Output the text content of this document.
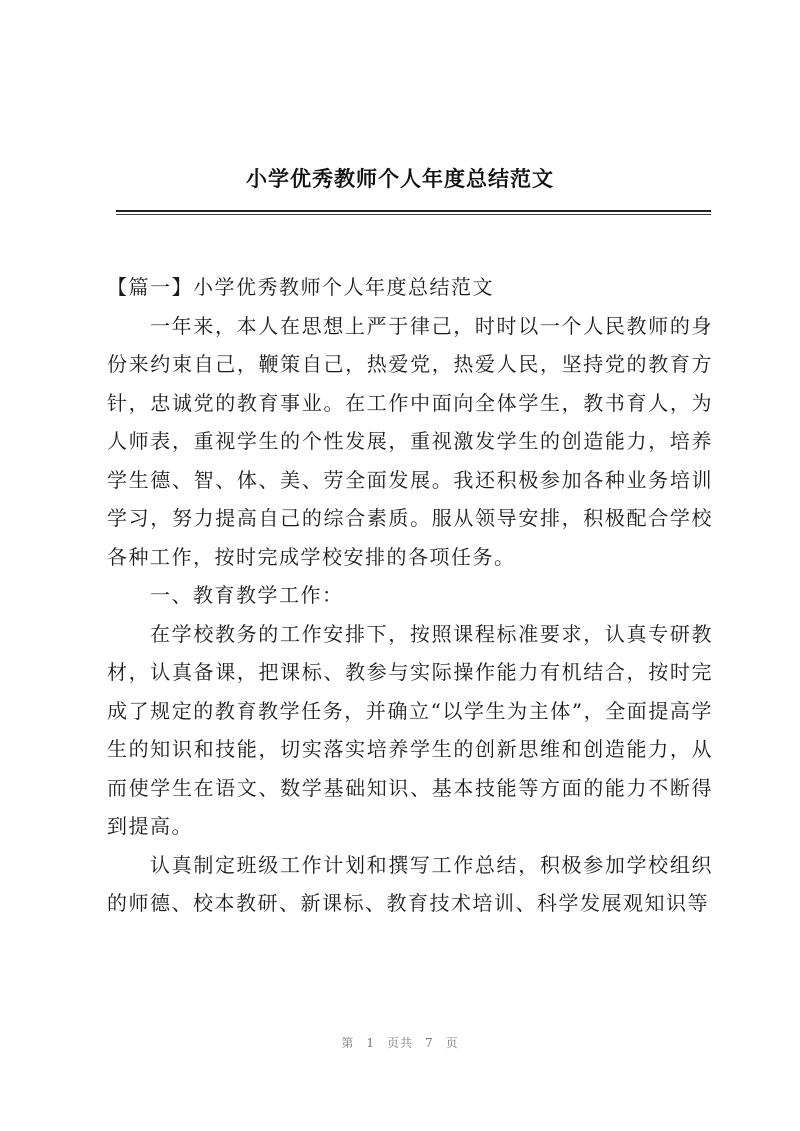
小学优秀教师个人年度总结范文

【篇一】小学优秀教师个人年度总结范文

一年来，本人在思想上严于律己，时时以一个人民教师的身份来约束自己，鞭策自己，热爱党，热爱人民，坚持党的教育方针，忠诚党的教育事业。在工作中面向全体学生，教书育人，为人师表，重视学生的个性发展，重视激发学生的创造能力，培养学生德、智、体、美、劳全面发展。我还积极参加各种业务培训学习，努力提高自己的综合素质。服从领导安排，积极配合学校各种工作，按时完成学校安排的各项任务。

一、教育教学工作：

在学校教务的工作安排下，按照课程标准要求，认真专研教材，认真备课，把课标、教参与实际操作能力有机结合，按时完成了规定的教育教学任务，并确立“以学生为主体”，全面提高学生的知识和技能，切实落实培养学生的创新思维和创造能力，从而使学生在语文、数学基础知识、基本技能等方面的能力不断得到提高。

认真制定班级工作计划和撰写工作总结，积极参加学校组织的师德、校本教研、新课标、教育技术培训、科学发展观知识等

第 1 页共 7 页
